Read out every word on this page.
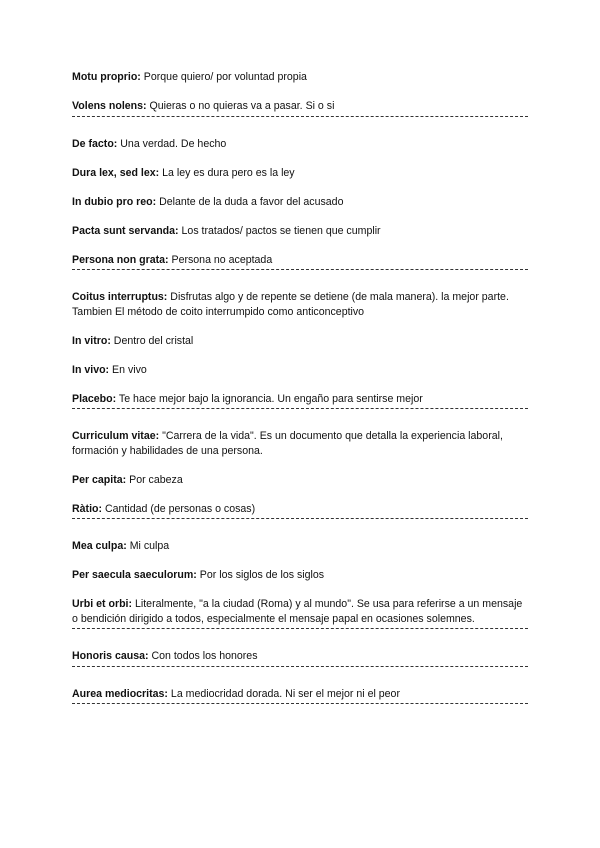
Motu proprio: Porque quiero/ por voluntad propia

Volens nolens: Quieras o no quieras va a pasar. Si o si

De facto: Una verdad. De hecho

Dura lex, sed lex: La ley es dura pero es la ley

In dubio pro reo: Delante de la duda a favor del acusado

Pacta sunt servanda: Los tratados/ pactos se tienen que cumplir

Persona non grata: Persona no aceptada

Coitus interruptus: Disfrutas algo y de repente se detiene (de mala manera). la mejor parte. Tambien El método de coito interrumpido como anticonceptivo

In vitro: Dentro del cristal

In vivo: En vivo

Placebo: Te hace mejor bajo la ignorancia. Un engaño para sentirse mejor

Curriculum vitae: "Carrera de la vida". Es un documento que detalla la experiencia laboral, formación y habilidades de una persona.

Per capita: Por cabeza

Ràtio: Cantidad (de personas o cosas)

Mea culpa: Mi culpa

Per saecula saeculorum: Por los siglos de los siglos

Urbi et orbi: Literalmente, "a la ciudad (Roma) y al mundo". Se usa para referirse a un mensaje o bendición dirigido a todos, especialmente el mensaje papal en ocasiones solemnes.

Honoris causa: Con todos los honores

Aurea mediocritas: La mediocridad dorada. Ni ser el mejor ni el peor
